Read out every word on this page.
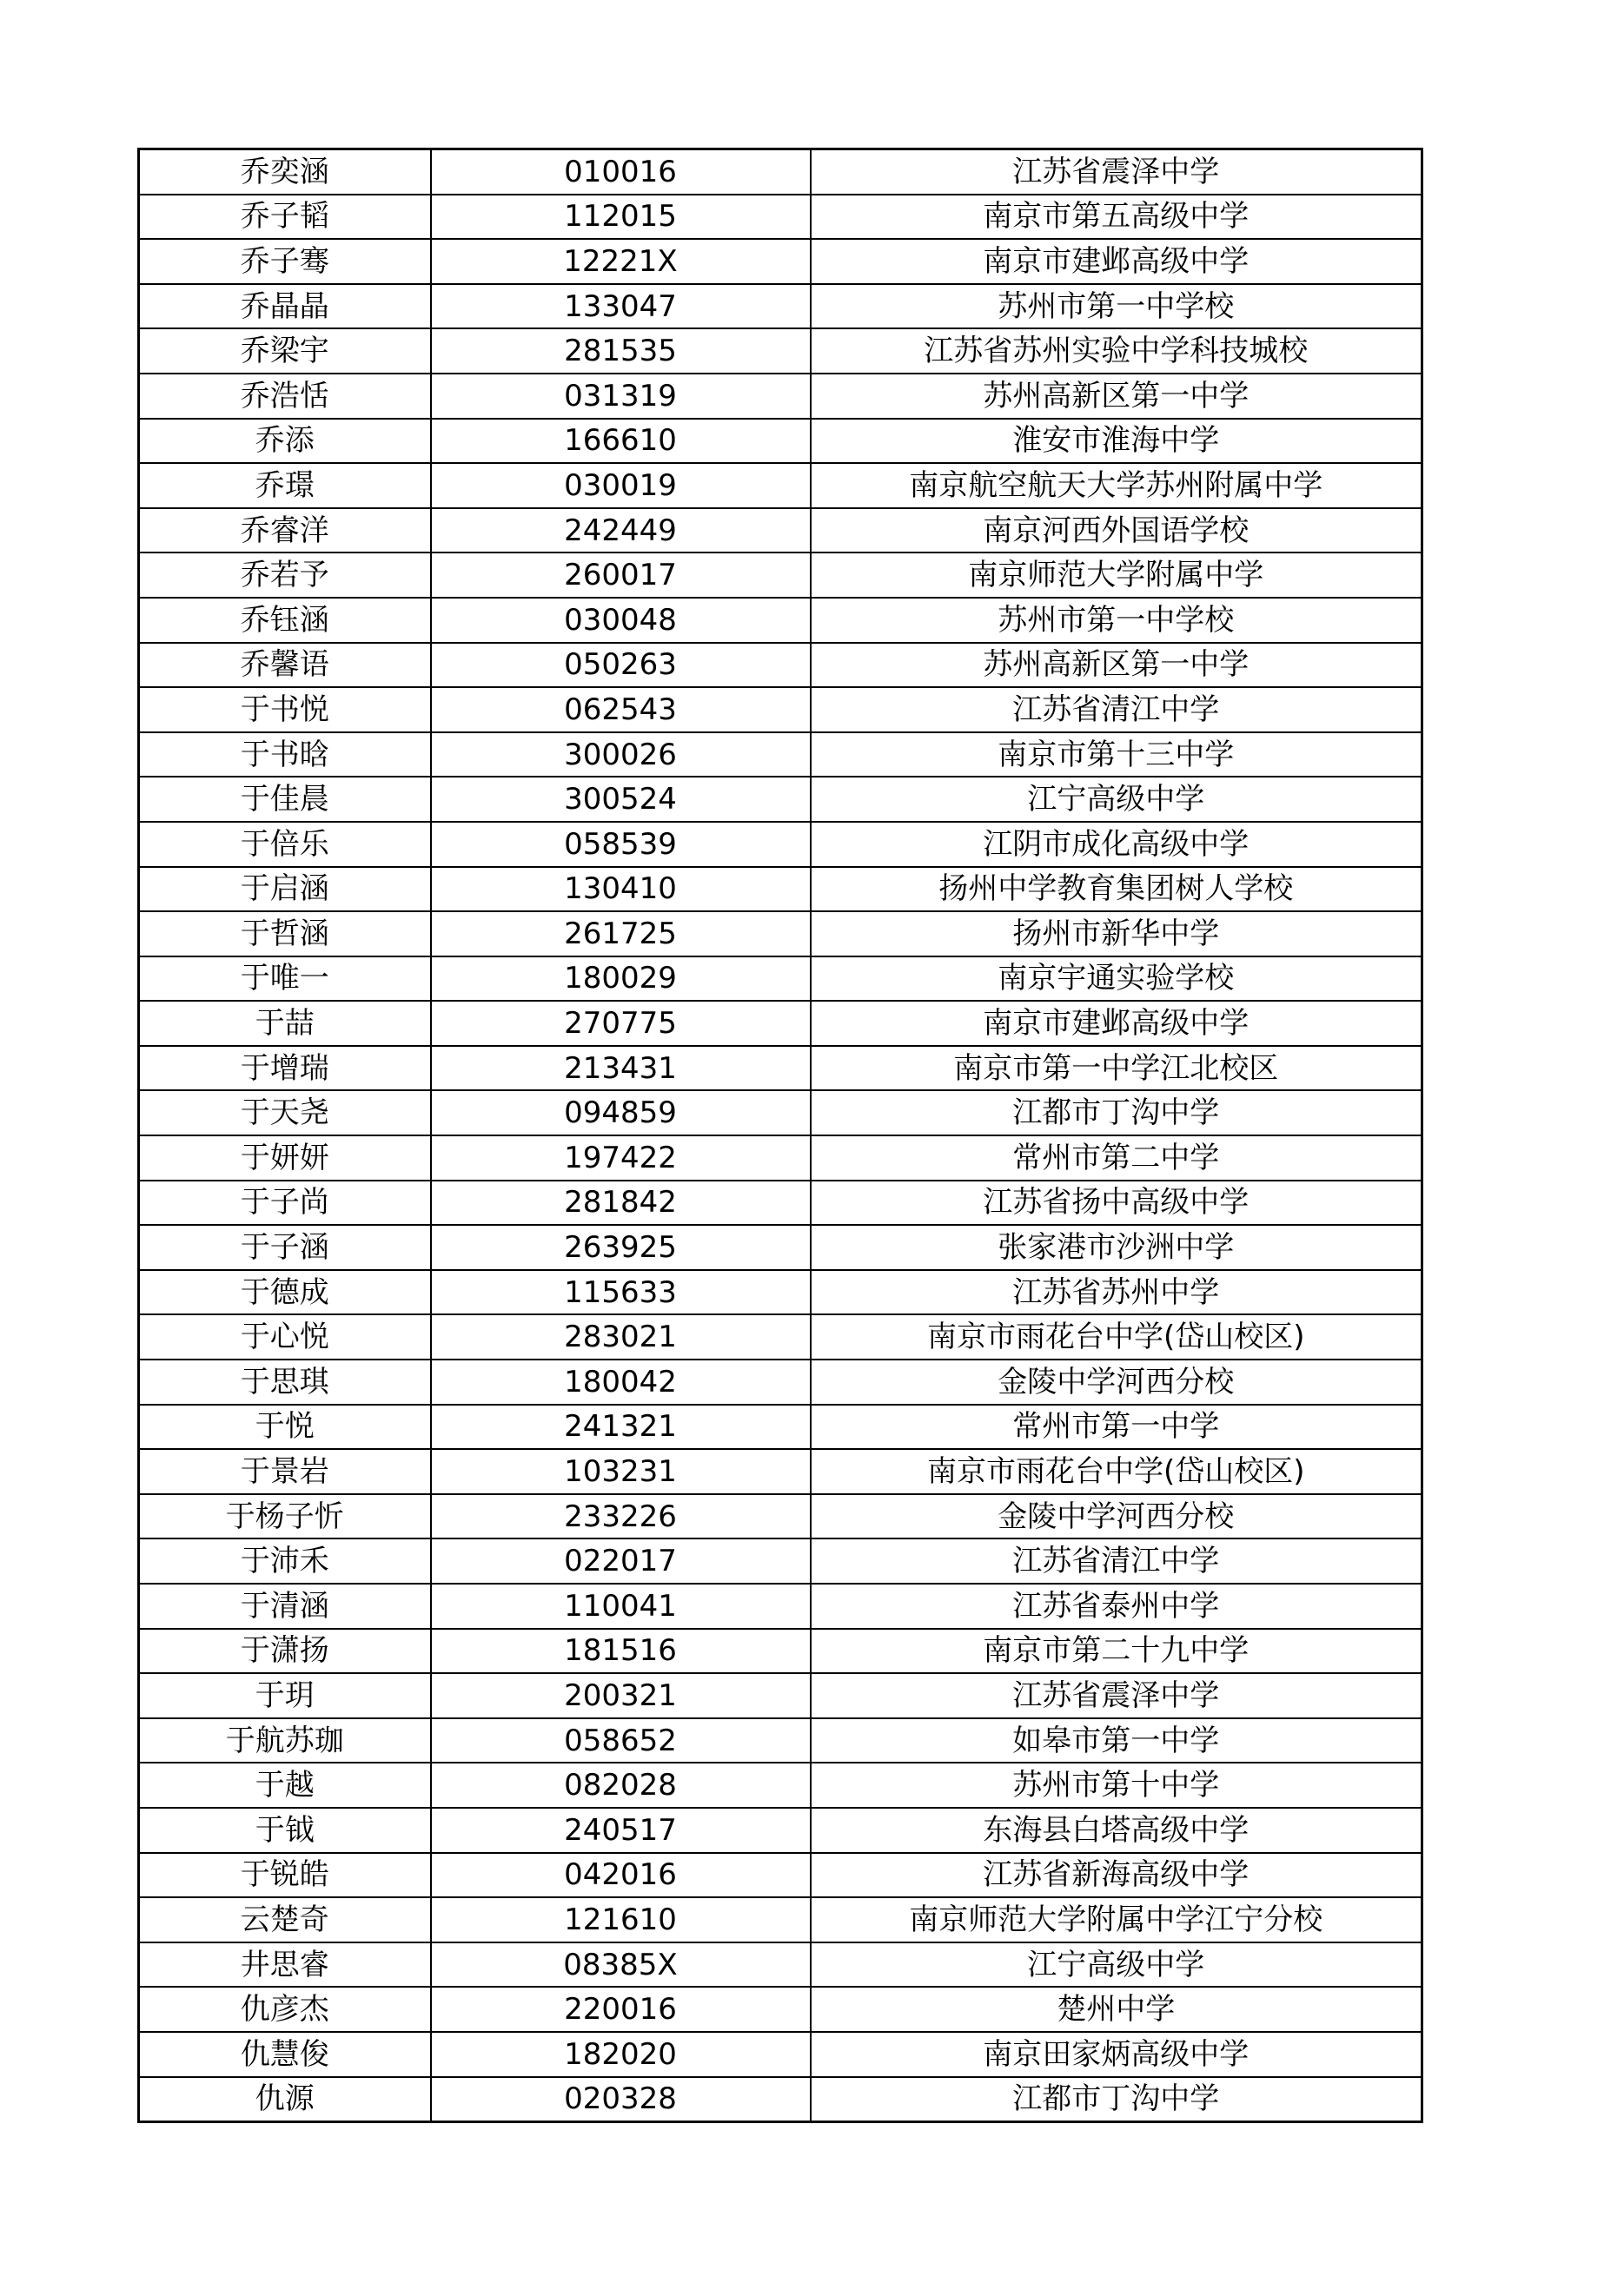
乔奕涵	010016	江苏省震泽中学
乔子韬	112015	南京市第五高级中学
乔子骞	12221X	南京市建邺高级中学
乔晶晶	133047	苏州市第一中学校
乔梁宇	281535	江苏省苏州实验中学科技城校
乔浩恬	031319	苏州高新区第一中学
乔添	166610	淮安市淮海中学
乔璟	030019	南京航空航天大学苏州附属中学
乔睿洋	242449	南京河西外国语学校
乔若予	260017	南京师范大学附属中学
乔钰涵	030048	苏州市第一中学校
乔馨语	050263	苏州高新区第一中学
于书悦	062543	江苏省清江中学
于书晗	300026	南京市第十三中学
于佳晨	300524	江宁高级中学
于倍乐	058539	江阴市成化高级中学
于启涵	130410	扬州中学教育集团树人学校
于哲涵	261725	扬州市新华中学
于唯一	180029	南京宇通实验学校
于喆	270775	南京市建邺高级中学
于增瑞	213431	南京市第一中学江北校区
于天尧	094859	江都市丁沟中学
于妍妍	197422	常州市第二中学
于子尚	281842	江苏省扬中高级中学
于子涵	263925	张家港市沙洲中学
于德成	115633	江苏省苏州中学
于心悦	283021	南京市雨花台中学(岱山校区)
于思琪	180042	金陵中学河西分校
于悦	241321	常州市第一中学
于景岩	103231	南京市雨花台中学(岱山校区)
于杨子忻	233226	金陵中学河西分校
于沛禾	022017	江苏省清江中学
于清涵	110041	江苏省泰州中学
于潇扬	181516	南京市第二十九中学
于玥	200321	江苏省震泽中学
于航苏珈	058652	如皋市第一中学
于越	082028	苏州市第十中学
于钺	240517	东海县白塔高级中学
于锐皓	042016	江苏省新海高级中学
云楚奇	121610	南京师范大学附属中学江宁分校
井思睿	08385X	江宁高级中学
仇彦杰	220016	楚州中学
仇慧俊	182020	南京田家炳高级中学
仇源	020328	江都市丁沟中学
